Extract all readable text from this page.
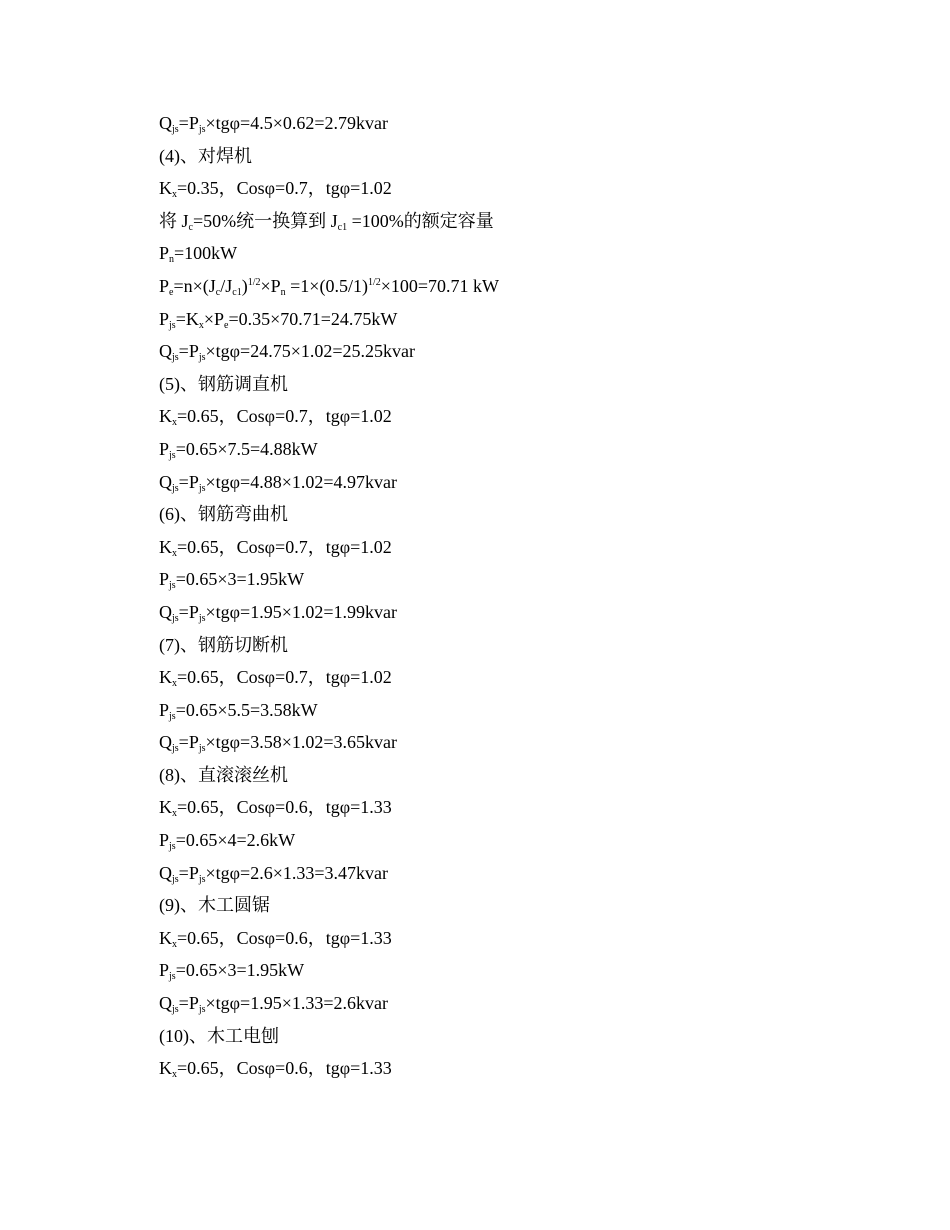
$Q_{js}=P_{js}\times tg\varphi=4.5\times 0.62=2.79kvar$
(4)、对焊机
$K_x=0.35$，Cosφ=0.7，tgφ=1.02
将 $J_c=50\%$统一换算到 $J_{c1} =100\%$的额定容量
$P_n=100kW$
$P_e=n\times(J_c/J_{c1})^{1/2}\times P_n =1\times(0.5/1)^{1/2}\times 100=70.71$ kW
$P_{js}=K_x\times P_e=0.35\times 70.71=24.75kW$
$Q_{js}=P_{js}\times tg\varphi=24.75\times 1.02=25.25kvar$
(5)、钢筋调直机
$K_x=0.65$，Cosφ=0.7，tgφ=1.02
$P_{js}=0.65\times 7.5=4.88kW$
$Q_{js}=P_{js}\times tg\varphi=4.88\times 1.02=4.97kvar$
(6)、钢筋弯曲机
$K_x=0.65$，Cosφ=0.7，tgφ=1.02
$P_{js}=0.65\times 3=1.95kW$
$Q_{js}=P_{js}\times tg\varphi=1.95\times 1.02=1.99kvar$
(7)、钢筋切断机
$K_x=0.65$，Cosφ=0.7，tgφ=1.02
$P_{js}=0.65\times 5.5=3.58kW$
$Q_{js}=P_{js}\times tg\varphi=3.58\times 1.02=3.65kvar$
(8)、直滚滚丝机
$K_x=0.65$，Cosφ=0.6，tgφ=1.33
$P_{js}=0.65\times 4=2.6kW$
$Q_{js}=P_{js}\times tg\varphi=2.6\times 1.33=3.47kvar$
(9)、木工圆锯
$K_x=0.65$，Cosφ=0.6，tgφ=1.33
$P_{js}=0.65\times 3=1.95kW$
$Q_{js}=P_{js}\times tg\varphi=1.95\times 1.33=2.6kvar$
(10)、木工电刨
$K_x=0.65$，Cosφ=0.6，tgφ=1.33
